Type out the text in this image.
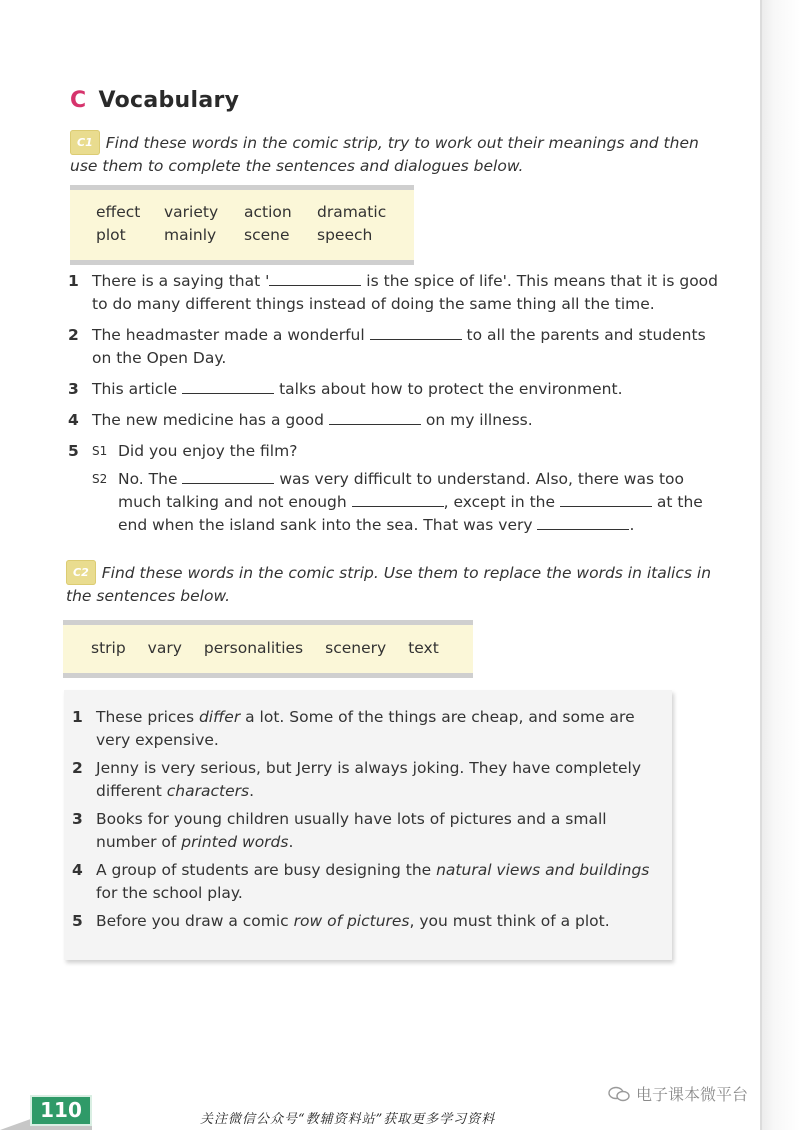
C Vocabulary
C1 Find these words in the comic strip, try to work out their meanings and then use them to complete the sentences and dialogues below.
effect	variety	action	dramatic
plot	mainly	scene	speech
1 There is a saying that '	is the spice of life'. This means that it is good to do many different things instead of doing the same thing all the time.
2 The headmaster made a wonderful	to all the parents and students on the Open Day.
3 This article	talks about how to protect the environment.
4 The new medicine has a good	on my illness.
5 S1 Did you enjoy the film?
S2 No. The	was very difficult to understand. Also, there was too much talking and not enough	, except in the	at the end when the island sank into the sea. That was very	.
C2 Find these words in the comic strip. Use them to replace the words in italics in the sentences below.
strip vary personalities scenery text
1 These prices differ a lot. Some of the things are cheap, and some are very expensive.
2 Jenny is very serious, but Jerry is always joking. They have completely different characters.
3 Books for young children usually have lots of pictures and a small number of printed words.
4 A group of students are busy designing the natural views and buildings for the school play.
5 Before you draw a comic row of pictures, you must think of a plot.
110	关注微信公众号“教辅资料站”获取更多学习资料
电子课本微平台
